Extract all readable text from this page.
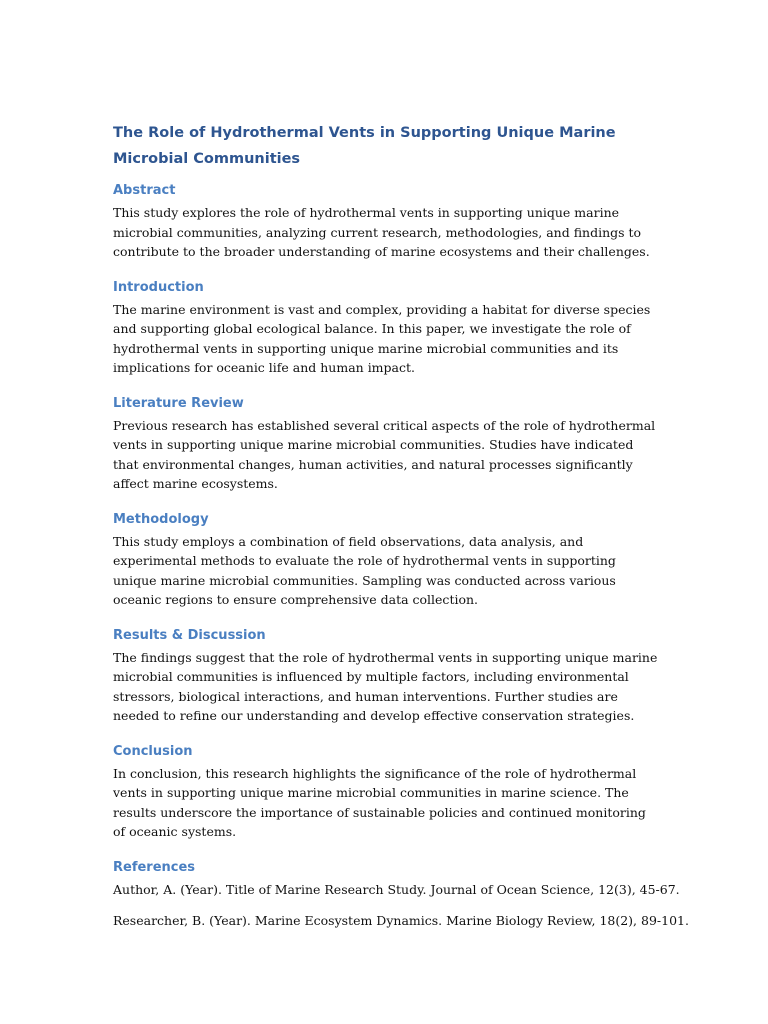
The Role of Hydrothermal Vents in Supporting Unique Marine Microbial Communities
Abstract
This study explores the role of hydrothermal vents in supporting unique marine microbial communities, analyzing current research, methodologies, and findings to contribute to the broader understanding of marine ecosystems and their challenges.
Introduction
The marine environment is vast and complex, providing a habitat for diverse species and supporting global ecological balance. In this paper, we investigate the role of hydrothermal vents in supporting unique marine microbial communities and its implications for oceanic life and human impact.
Literature Review
Previous research has established several critical aspects of the role of hydrothermal vents in supporting unique marine microbial communities. Studies have indicated that environmental changes, human activities, and natural processes significantly affect marine ecosystems.
Methodology
This study employs a combination of field observations, data analysis, and experimental methods to evaluate the role of hydrothermal vents in supporting unique marine microbial communities. Sampling was conducted across various oceanic regions to ensure comprehensive data collection.
Results & Discussion
The findings suggest that the role of hydrothermal vents in supporting unique marine microbial communities is influenced by multiple factors, including environmental stressors, biological interactions, and human interventions. Further studies are needed to refine our understanding and develop effective conservation strategies.
Conclusion
In conclusion, this research highlights the significance of the role of hydrothermal vents in supporting unique marine microbial communities in marine science. The results underscore the importance of sustainable policies and continued monitoring of oceanic systems.
References
Author, A. (Year). Title of Marine Research Study. Journal of Ocean Science, 12(3), 45-67.
Researcher, B. (Year). Marine Ecosystem Dynamics. Marine Biology Review, 18(2), 89-101.
